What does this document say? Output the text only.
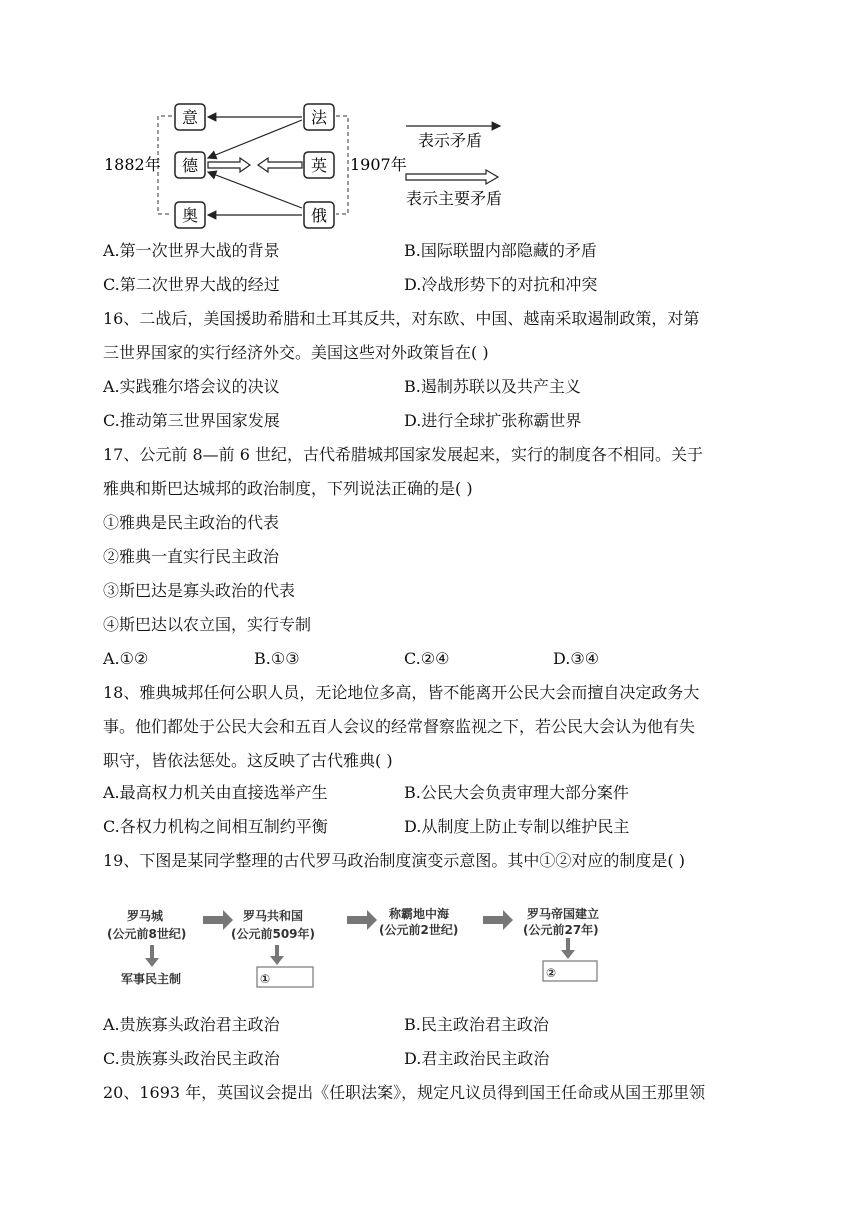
1882年	1907年
意
德
奥
法
英
俄
表示矛盾
表示主要矛盾
A.第一次世界大战的背景	B.国际联盟内部隐藏的矛盾
C.第二次世界大战的经过	D.冷战形势下的对抗和冲突
16、二战后，美国援助希腊和土耳其反共，对东欧、中国、越南采取遏制政策，对第
三世界国家的实行经济外交。美国这些对外政策旨在( )
A.实践雅尔塔会议的决议	B.遏制苏联以及共产主义
C.推动第三世界国家发展	D.进行全球扩张称霸世界
17、公元前 8—前 6 世纪，古代希腊城邦国家发展起来，实行的制度各不相同。关于
雅典和斯巴达城邦的政治制度，下列说法正确的是( )
①雅典是民主政治的代表
②雅典一直实行民主政治
③斯巴达是寡头政治的代表
④斯巴达以农立国，实行专制
A.①②	B.①③	C.②④	D.③④
18、雅典城邦任何公职人员，无论地位多高，皆不能离开公民大会而擅自决定政务大
事。他们都处于公民大会和五百人会议的经常督察监视之下，若公民大会认为他有失
职守，皆依法惩处。这反映了古代雅典( )
A.最高权力机关由直接选举产生	B.公民大会负责审理大部分案件
C.各权力机构之间相互制约平衡	D.从制度上防止专制以维护民主
19、下图是某同学整理的古代罗马政治制度演变示意图。其中①②对应的制度是( )
罗马城
(公元前8世纪)
军事民主制
罗马共和国
(公元前509年)
①
称霸地中海
(公元前2世纪)
罗马帝国建立
(公元前27年)
②
A.贵族寡头政治君主政治	B.民主政治君主政治
C.贵族寡头政治民主政治	D.君主政治民主政治
20、1693 年，英国议会提出《任职法案》，规定凡议员得到国王任命或从国王那里领
